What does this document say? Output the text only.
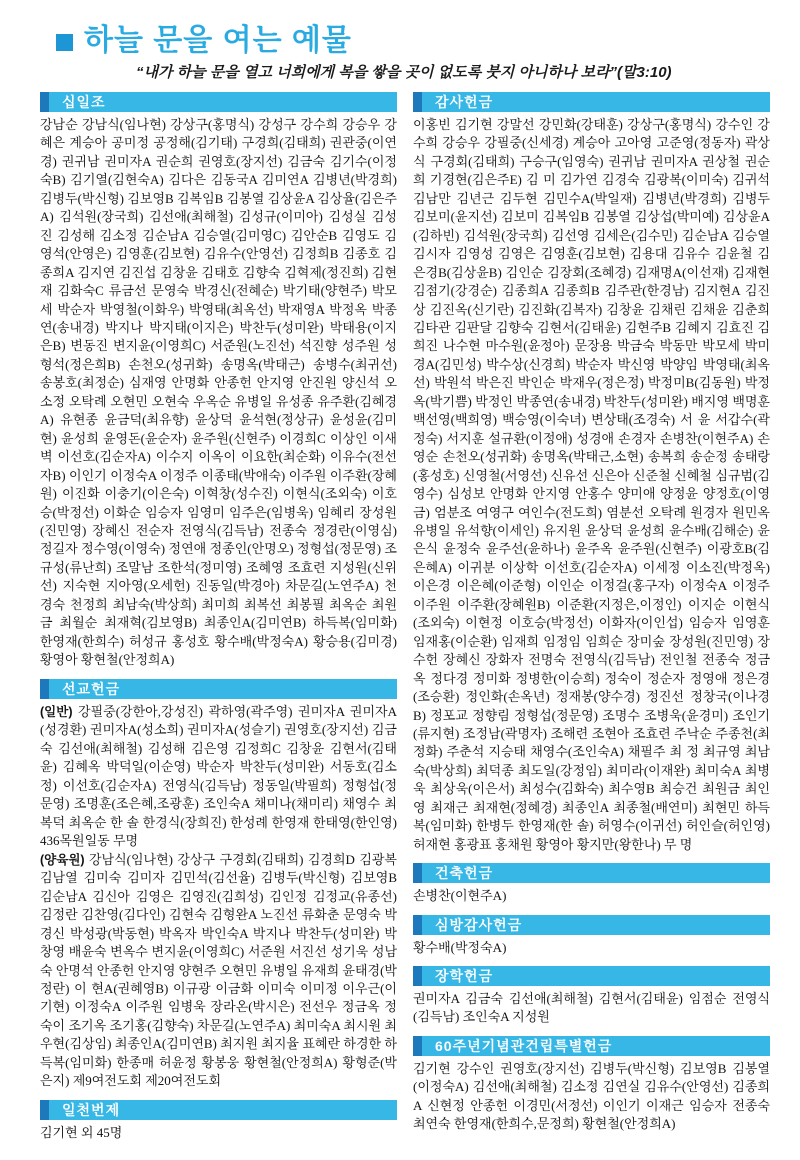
하늘 문을 여는 예물
“내가 하늘 문을 열고 너희에게 복을 쌓을 곳이 없도록 붓지 아니하나 보라”(말3:10)
십일조
강남순 강남식(임나현) 강상구(홍명식) 강성구 강수희 강승우 강혜은 계승아 공미정 공정해(김기태) 구경희(김태희) 권관중(이연경) 권귀남 권미자A 권순희 권영호(장지선) 김금숙 김기수(이정숙B) 김기열(김현숙A) 김다은 김동국A 김미연A 김병년(박경희) 김병두(박신형) 김보영B 김복임B 김봉열 김상윤A 김상율(김은주A) 김석원(장국희) 김선애(최해철) 김성규(이미아) 김성실 김성진 김성해 김소정 김순남A 김승열(김미영C) 김안순B 김영도 김영석(안영은) 김영훈(김보현) 김유수(안영선) 김정희B 김종호 김종희A 김지연 김진섭 김창윤 김태호 김향숙 김혁제(정진희) 김현재 김화숙C 류금선 문영숙 박경신(전혜순) 박기태(양현주) 박모세 박순자 박영철(이화우) 박영태(최옥선) 박재영A 박정옥 박종연(송내경) 박지나 박지태(이지은) 박찬두(성미완) 박태용(이지은B) 변동진 변지윤(이영희C) 서준원(노진선) 석진향 성주원 성형석(정은희B) 손천오(성귀화) 송명옥(박태근) 송병수(최귀선) 송봉호(최정순) 심재영 안명화 안종헌 안지영 안진원 양신석 오소정 오탁례 오현민 오현숙 우옥순 유병일 유성종 유주환(김혜경A) 유현종 윤금덕(최유향) 윤상덕 윤석현(정상규) 윤성윤(김미현) 윤성희 윤영돈(윤순자) 윤주원(신현주) 이경희C 이상인 이새벽 이선호(김순자A) 이수지 이옥이 이요한(최순화) 이유수(전선자B) 이인기 이정숙A 이정주 이종태(박애숙) 이주원 이주환(장혜원) 이진화 이충기(이은숙) 이혁창(성수진) 이현식(조외숙) 이호승(박정선) 이화순 임승자 임영미 임주은(임병욱) 임혜리 장성원(진민영) 장혜신 전순자 전영식(김득남) 전종숙 정경란(이영심) 정길자 정수영(이영숙) 정연애 정종인(안명오) 정형섭(정문영) 조규성(류난희) 조말남 조한석(정미영) 조혜영 조효련 지성원(신위선) 지숙현 지아영(오세헌) 진동일(박경아) 차문길(노연주A) 천경숙 천정희 최남숙(박상희) 최미희 최복선 최봉필 최옥순 최원금 최월순 최재혁(김보영B) 최종인A(김미연B) 하득복(임미화) 한영재(한희수) 허성규 홍성호 황수배(박정숙A) 황승용(김미경) 황영아 황현철(안정희A)
선교헌금

(일반) 강필중(강한아,강성진) 곽하영(곽주영) 권미자A 권미자A(성경환) 권미자A(성소희) 권미자A(성슬기) 권영호(장지선) 김금숙 김선애(최해철) 김성해 김은영 김정희C 김창윤 김현서(김태윤) 김혜옥 박덕일(이순영) 박순자 박찬두(성미완) 서동호(김소정) 이선호(김순자A) 전영식(김득남) 정동일(박필희) 정형섭(정문영) 조명훈(조은혜,조광훈) 조인숙A 채미나(채미리) 채영수 최복덕 최옥순 한 솔 한경식(장희진) 한성례 한영재 한태영(한인영) 436목원일동 무명

(양육원) 강남식(임나현) 강상구 구경회(김태희) 김경희D 김광복 김남열 김미숙 김미자 김민석(김선율) 김병두(박신형) 김보영B 김순남A 김신아 김영은 김영진(김희성) 김인정 김정교(유종선) 김정란 김찬영(김다인) 김현숙 김형완A 노진선 류화춘 문영숙 박경신 박성광(박동현) 박옥자 박인숙A 박지나 박찬두(성미완) 박창영 배윤숙 변옥수 변지윤(이영희C) 서준원 서진선 성기욱 성남숙 안명석 안종헌 안지영 양현주 오현민 유병일 유재희 윤태경(박정란) 이 현A(권혜영B) 이규광 이금화 이미숙 이미정 이우근(이기현) 이정숙A 이주원 임병욱 장라온(박시은) 전선우 정금옥 정숙이 조기옥 조기홍(김향숙) 차문길(노연주A) 최미숙A 최시원 최우현(김상임) 최종인A(김미연B) 최지원 최지율 표혜란 하경한 하득복(임미화) 한종매 허윤정 황봉웅 황현철(안정희A) 황형준(박은지) 제9여전도회 제20여전도회

일천번제
김기현 외 45명
감사헌금
이홍빈 김기현 강말선 강민화(강태훈) 강상구(홍명식) 강수인 강수희 강승우 강필중(신세경) 계승아 고아영 고준영(정동자) 곽상식 구경회(김태희) 구승구(임영숙) 권귀남 권미자A 권상철 권순희 기경현(김은주E) 김 미 김가연 김경숙 김광복(이미숙) 김귀석 김남만 김년근 김두현 김민수A(박일재) 김병년(박경희) 김병두 김보미(윤지선) 김보미 김복임B 김봉열 김상섭(박미예) 김상윤A(김하빈) 김석원(장국희) 김선영 김세은(김수민) 김순남A 김승열 김시자 김영성 김영은 김영훈(김보현) 김용대 김유수 김윤철 김은경B(김상윤B) 김인순 김장회(조혜경) 김재명A(이선재) 김재현 김점기(강경순) 김종희A 김종희B 김주관(한경남) 김지현A 김진상 김진옥(신기란) 김진화(김복자) 김창윤 김채린 김채윤 김춘희 김타관 김판달 김향숙 김현서(김태윤) 김현주B 김혜지 김효진 김희진 나수현 마수원(윤정아) 문장용 박금숙 박동만 박모세 박미경A(김민성) 박수상(신경희) 박순자 박신영 박양임 박영태(최옥선) 박원석 박은진 박인순 박재우(정은정) 박정미B(김동원) 박정옥(박기쁨) 박정인 박종연(송내경) 박찬두(성미완) 배지영 백명훈 백선영(백희영) 백승영(이숙녀) 변상태(조경숙) 서 윤 서갑수(곽정숙) 서지훈 설규환(이정애) 성경애 손경자 손병찬(이현주A) 손영순 손천오(성귀화) 송명옥(박태근,소현) 송복희 송순정 송태랑(홍성호) 신영철(서영선) 신유선 신은아 신준철 신혜철 심규범(김영수) 심성보 안명화 안지영 안홍수 양미애 양정윤 양정호(이영금) 엄분조 여영구 여인수(전도희) 염분선 오탁례 원경자 원민옥 유병일 유석향(이세인) 유지원 윤상덕 윤성희 윤수배(김해순) 윤은식 윤정숙 윤주선(윤하나) 윤주옥 윤주원(신현주) 이광호B(김은혜A) 이귀분 이상학 이선호(김순자A) 이세정 이소진(박정옥) 이은경 이은혜(이준형) 이인순 이정걸(홍구자) 이정숙A 이정주 이주원 이주환(장혜원B) 이준환(지정은,이정인) 이지순 이현식(조외숙) 이현정 이호승(박정선) 이화자(이인섭) 임승자 임영훈 임재홍(이순환) 임재희 임정임 임희순 장미숲 장성원(진민영) 장수헌 장혜신 장화자 전명숙 전영식(김득남) 전인철 전종숙 정금옥 정다경 정미화 정병한(이승희) 정숙이 정순자 정영애 정은경(조승환) 정인화(손옥년) 정재봉(양수경) 정진선 정창국(이나경B) 정포교 정향림 정형섭(정문영) 조명수 조병욱(윤경미) 조인기(류지현) 조정남(곽명자) 조해련 조현아 조효련 주낙순 주종천(최정화) 주춘석 지승태 채영수(조인숙A) 채필주 최 정 최규영 최남숙(박상희) 최덕종 최도일(강정임) 최미라(이재완) 최미숙A 최병욱 최상욱(이은서) 최성수(김화숙) 최수영B 최승건 최원금 최인영 최재근 최재현(정혜경) 최종인A 최종철(배연미) 최현민 하득복(임미화) 한병두 한영재(한 솔) 허영수(이귀선) 허인슬(허인영) 허재현 홍광표 홍채원 황영아 황지만(왕한나) 무 명
건축헌금
손병찬(이현주A)
심방감사헌금
황수배(박정숙A)
장학헌금
권미자A 김금숙 김선애(최해철) 김현서(김태윤) 임점순 전영식(김득남) 조인숙A 지성원
60주년기념관건립특별헌금
김기현 강수인 권영호(장지선) 김병두(박신형) 김보영B 김봉열(이정숙A) 김선애(최해철) 김소정 김연실 김유수(안영선) 김종희A 신현정 안종헌 이경민(서정선) 이인기 이재근 임승자 전종숙 최연숙 한영재(한희수,문정희) 황현철(안정희A)
